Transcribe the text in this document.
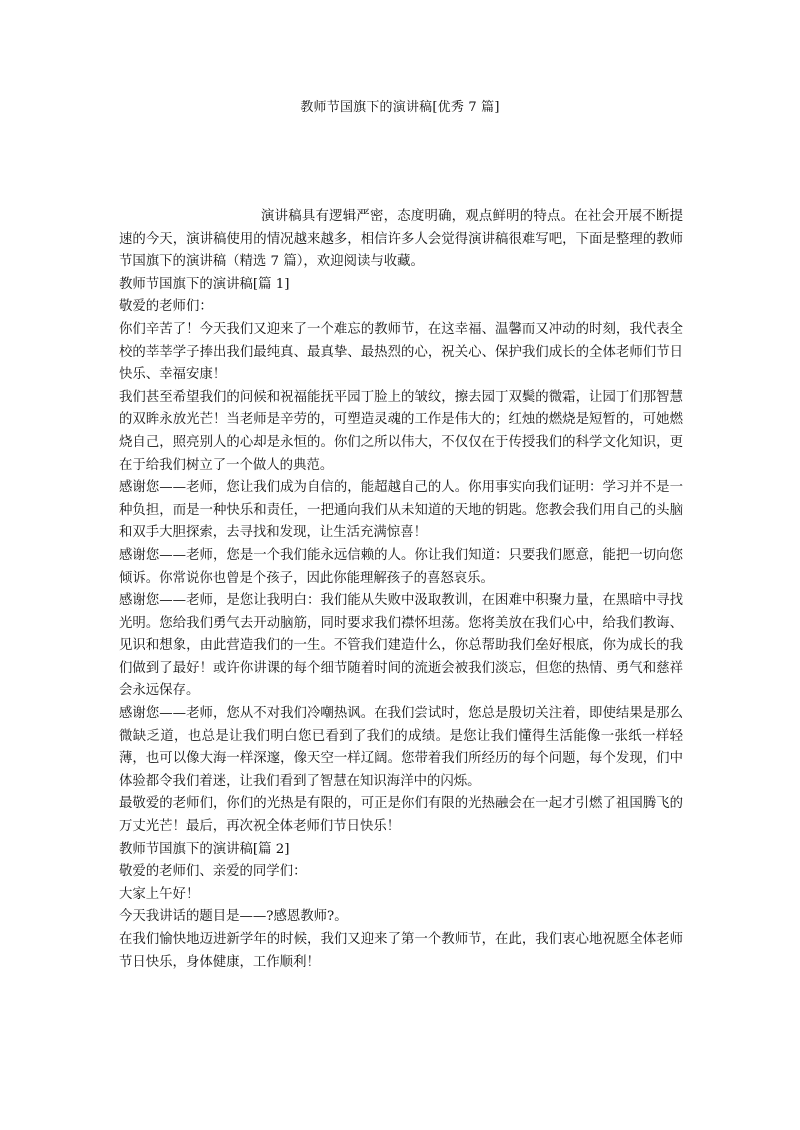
教师节国旗下的演讲稿[优秀 7 篇]

演讲稿具有逻辑严密，态度明确，观点鲜明的特点。在社会开展不断提速的今天，演讲稿使用的情况越来越多，相信许多人会觉得演讲稿很难写吧，下面是整理的教师节国旗下的演讲稿（精选 7 篇），欢迎阅读与收藏。

教师节国旗下的演讲稿[篇 1]

敬爱的老师们：

你们辛苦了！今天我们又迎来了一个难忘的教师节，在这幸福、温馨而又冲动的时刻，我代表全校的莘莘学子捧出我们最纯真、最真挚、最热烈的心，祝关心、保护我们成长的全体老师们节日快乐、幸福安康！

我们甚至希望我们的问候和祝福能抚平园丁脸上的皱纹，擦去园丁双鬓的微霜，让园丁们那智慧的双眸永放光芒！当老师是辛劳的，可塑造灵魂的工作是伟大的；红烛的燃烧是短暂的，可她燃烧自己，照亮别人的心却是永恒的。你们之所以伟大，不仅仅在于传授我们的科学文化知识，更在于给我们树立了一个做人的典范。

感谢您——老师，您让我们成为自信的，能超越自己的人。你用事实向我们证明：学习并不是一种负担，而是一种快乐和责任，一把通向我们从未知道的天地的钥匙。您教会我们用自己的头脑和双手大胆探索，去寻找和发现，让生活充满惊喜！

感谢您——老师，您是一个我们能永远信赖的人。你让我们知道：只要我们愿意，能把一切向您倾诉。你常说你也曾是个孩子，因此你能理解孩子的喜怒哀乐。

感谢您——老师，是您让我明白：我们能从失败中汲取教训，在困难中积聚力量，在黑暗中寻找光明。您给我们勇气去开动脑筋，同时要求我们襟怀坦荡。您将美放在我们心中，给我们教诲、见识和想象，由此营造我们的一生。不管我们建造什么，你总帮助我们垒好根底，你为成长的我们做到了最好！或许你讲课的每个细节随着时间的流逝会被我们淡忘，但您的热情、勇气和慈祥会永远保存。

感谢您——老师，您从不对我们冷嘲热讽。在我们尝试时，您总是殷切关注着，即使结果是那么微缺乏道，也总是让我们明白您已看到了我们的成绩。是您让我们懂得生活能像一张纸一样轻薄，也可以像大海一样深邃，像天空一样辽阔。您带着我们所经历的每个问题，每个发现，们中体验都令我们着迷，让我们看到了智慧在知识海洋中的闪烁。

最敬爱的老师们，你们的光热是有限的，可正是你们有限的光热融会在一起才引燃了祖国腾飞的万丈光芒！最后，再次祝全体老师们节日快乐！

教师节国旗下的演讲稿[篇 2]

敬爱的老师们、亲爱的同学们：

大家上午好！

今天我讲话的题目是——?感恩教师?。

在我们愉快地迈进新学年的时候，我们又迎来了第一个教师节，在此，我们衷心地祝愿全体老师节日快乐，身体健康，工作顺利！
